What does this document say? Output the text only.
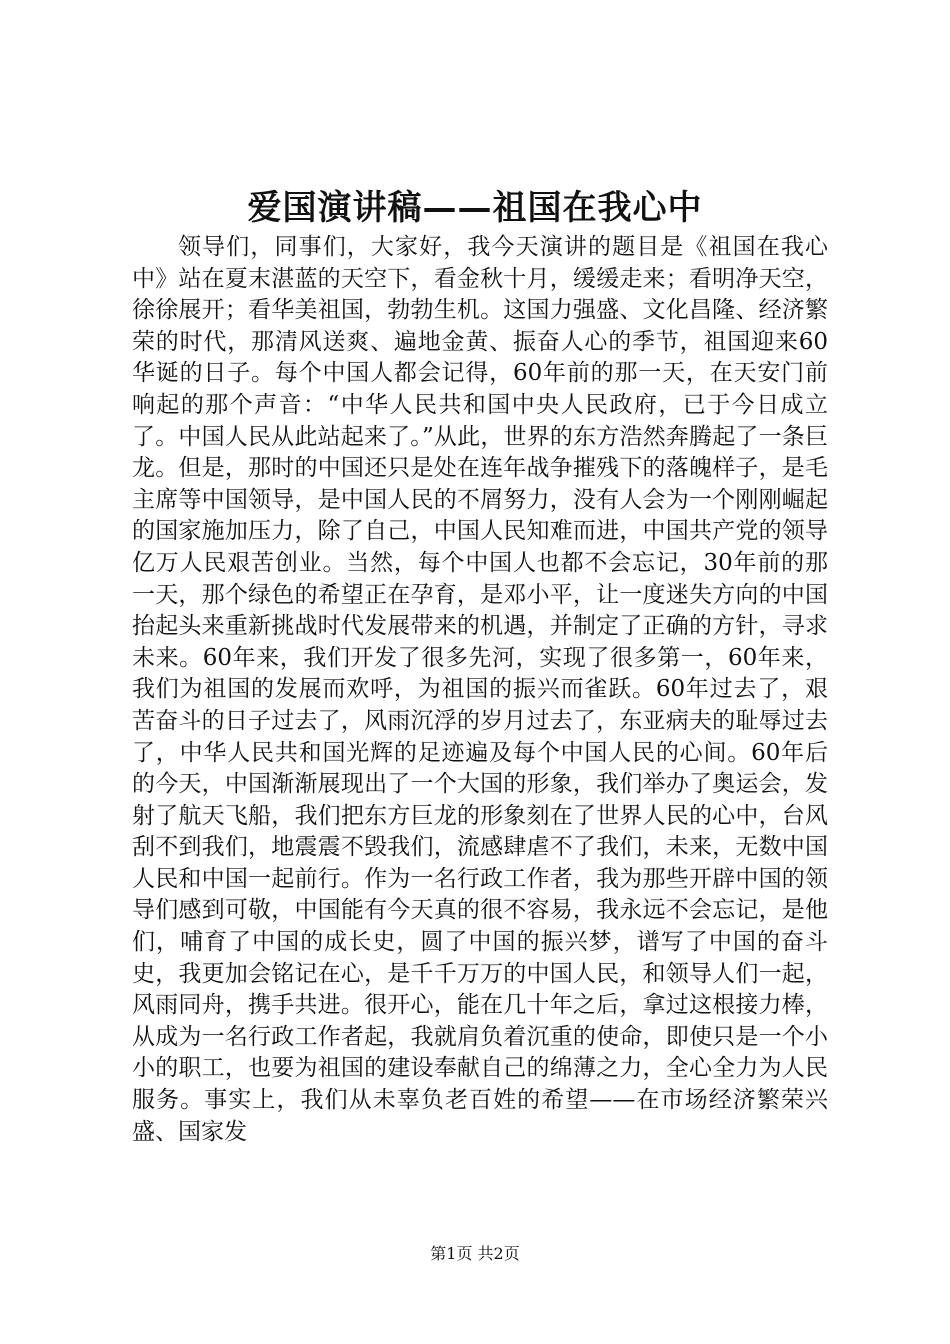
爱国演讲稿——祖国在我心中

领导们，同事们，大家好，我今天演讲的题目是《祖国在我心中》站在夏末湛蓝的天空下，看金秋十月，缓缓走来；看明净天空，徐徐展开；看华美祖国，勃勃生机。这国力强盛、文化昌隆、经济繁荣的时代，那清风送爽、遍地金黄、振奋人心的季节，祖国迎来60华诞的日子。每个中国人都会记得，60年前的那一天，在天安门前响起的那个声音：“中华人民共和国中央人民政府，已于今日成立了。中国人民从此站起来了。”从此，世界的东方浩然奔腾起了一条巨龙。但是，那时的中国还只是处在连年战争摧残下的落魄样子，是毛主席等中国领导，是中国人民的不屑努力，没有人会为一个刚刚崛起的国家施加压力，除了自己，中国人民知难而进，中国共产党的领导亿万人民艰苦创业。当然，每个中国人也都不会忘记，30年前的那一天，那个绿色的希望正在孕育，是邓小平，让一度迷失方向的中国抬起头来重新挑战时代发展带来的机遇，并制定了正确的方针，寻求未来。60年来，我们开发了很多先河，实现了很多第一，60年来，我们为祖国的发展而欢呼，为祖国的振兴而雀跃。60年过去了，艰苦奋斗的日子过去了，风雨沉浮的岁月过去了，东亚病夫的耻辱过去了，中华人民共和国光辉的足迹遍及每个中国人民的心间。60年后的今天，中国渐渐展现出了一个大国的形象，我们举办了奥运会，发射了航天飞船，我们把东方巨龙的形象刻在了世界人民的心中，台风刮不到我们，地震震不毁我们，流感肆虐不了我们，未来，无数中国人民和中国一起前行。作为一名行政工作者，我为那些开辟中国的领导们感到可敬，中国能有今天真的很不容易，我永远不会忘记，是他们，哺育了中国的成长史，圆了中国的振兴梦，谱写了中国的奋斗史，我更加会铭记在心，是千千万万的中国人民，和领导人们一起，风雨同舟，携手共进。很开心，能在几十年之后，拿过这根接力棒，从成为一名行政工作者起，我就肩负着沉重的使命，即使只是一个小小的职工，也要为祖国的建设奉献自己的绵薄之力，全心全力为人民服务。事实上，我们从未辜负老百姓的希望——在市场经济繁荣兴盛、国家发

第1页 共2页
